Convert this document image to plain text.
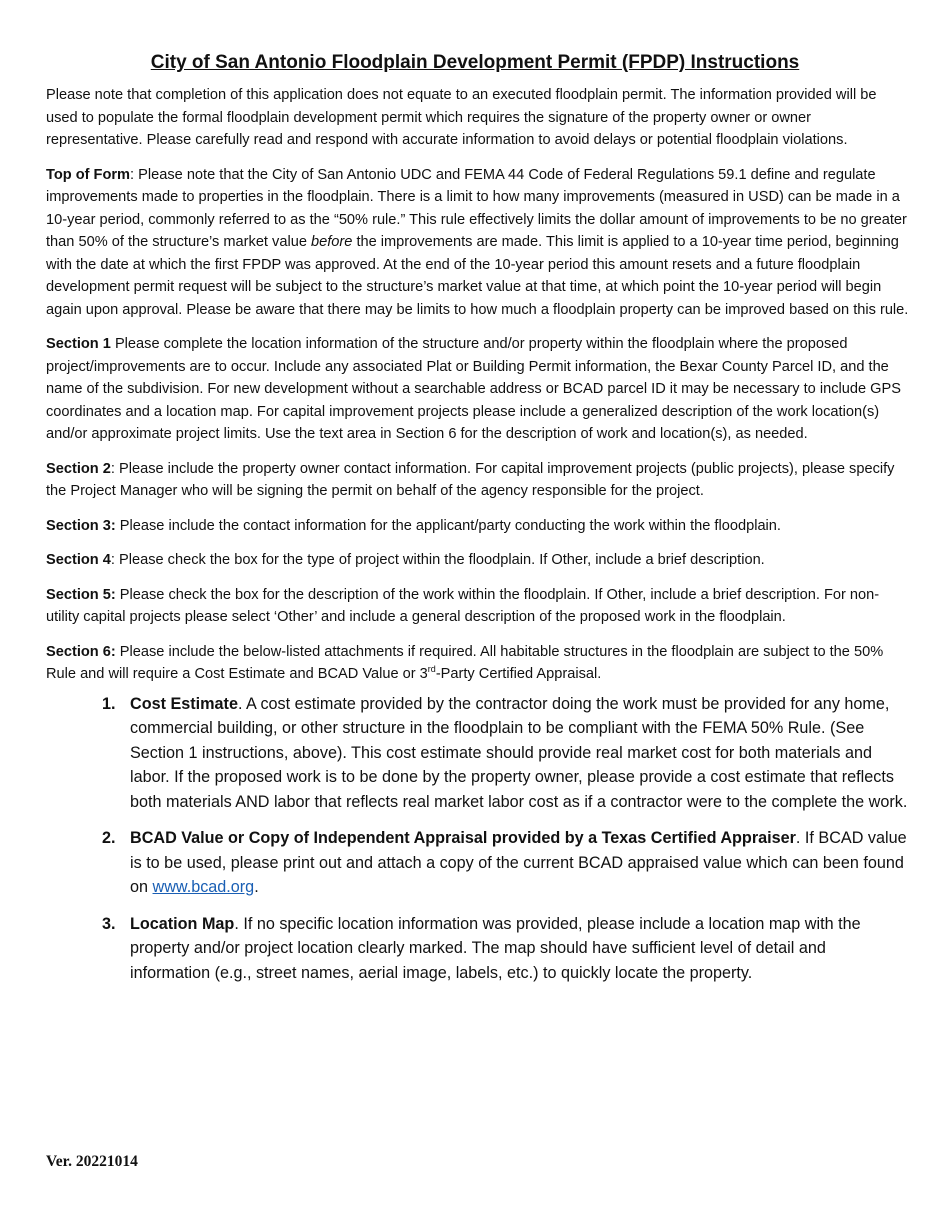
City of San Antonio Floodplain Development Permit (FPDP) Instructions

Please note that completion of this application does not equate to an executed floodplain permit. The information provided will be used to populate the formal floodplain development permit which requires the signature of the property owner or owner representative. Please carefully read and respond with accurate information to avoid delays or potential floodplain violations.

Top of Form: Please note that the City of San Antonio UDC and FEMA 44 Code of Federal Regulations 59.1 define and regulate improvements made to properties in the floodplain. There is a limit to how many improvements (measured in USD) can be made in a 10-year period, commonly referred to as the “50% rule.” This rule effectively limits the dollar amount of improvements to be no greater than 50% of the structure’s market value before the improvements are made. This limit is applied to a 10-year time period, beginning with the date at which the first FPDP was approved. At the end of the 10-year period this amount resets and a future floodplain development permit request will be subject to the structure’s market value at that time, at which point the 10-year period will begin again upon approval. Please be aware that there may be limits to how much a floodplain property can be improved based on this rule.

Section 1 Please complete the location information of the structure and/or property within the floodplain where the proposed project/improvements are to occur. Include any associated Plat or Building Permit information, the Bexar County Parcel ID, and the name of the subdivision. For new development without a searchable address or BCAD parcel ID it may be necessary to include GPS coordinates and a location map. For capital improvement projects please include a generalized description of the work location(s) and/or approximate project limits. Use the text area in Section 6 for the description of work and location(s), as needed.

Section 2: Please include the property owner contact information. For capital improvement projects (public projects), please specify the Project Manager who will be signing the permit on behalf of the agency responsible for the project.

Section 3: Please include the contact information for the applicant/party conducting the work within the floodplain.

Section 4: Please check the box for the type of project within the floodplain. If Other, include a brief description.

Section 5: Please check the box for the description of the work within the floodplain. If Other, include a brief description. For non-utility capital projects please select ‘Other’ and include a general description of the proposed work in the floodplain.

Section 6: Please include the below-listed attachments if required. All habitable structures in the floodplain are subject to the 50% Rule and will require a Cost Estimate and BCAD Value or 3rd-Party Certified Appraisal.

1. Cost Estimate. A cost estimate provided by the contractor doing the work must be provided for any home, commercial building, or other structure in the floodplain to be compliant with the FEMA 50% Rule. (See Section 1 instructions, above). This cost estimate should provide real market cost for both materials and labor. If the proposed work is to be done by the property owner, please provide a cost estimate that reflects both materials AND labor that reflects real market labor cost as if a contractor were to the complete the work.
2. BCAD Value or Copy of Independent Appraisal provided by a Texas Certified Appraiser. If BCAD value is to be used, please print out and attach a copy of the current BCAD appraised value which can been found on www.bcad.org.
3. Location Map. If no specific location information was provided, please include a location map with the property and/or project location clearly marked. The map should have sufficient level of detail and information (e.g., street names, aerial image, labels, etc.) to quickly locate the property.
Ver. 20221014
